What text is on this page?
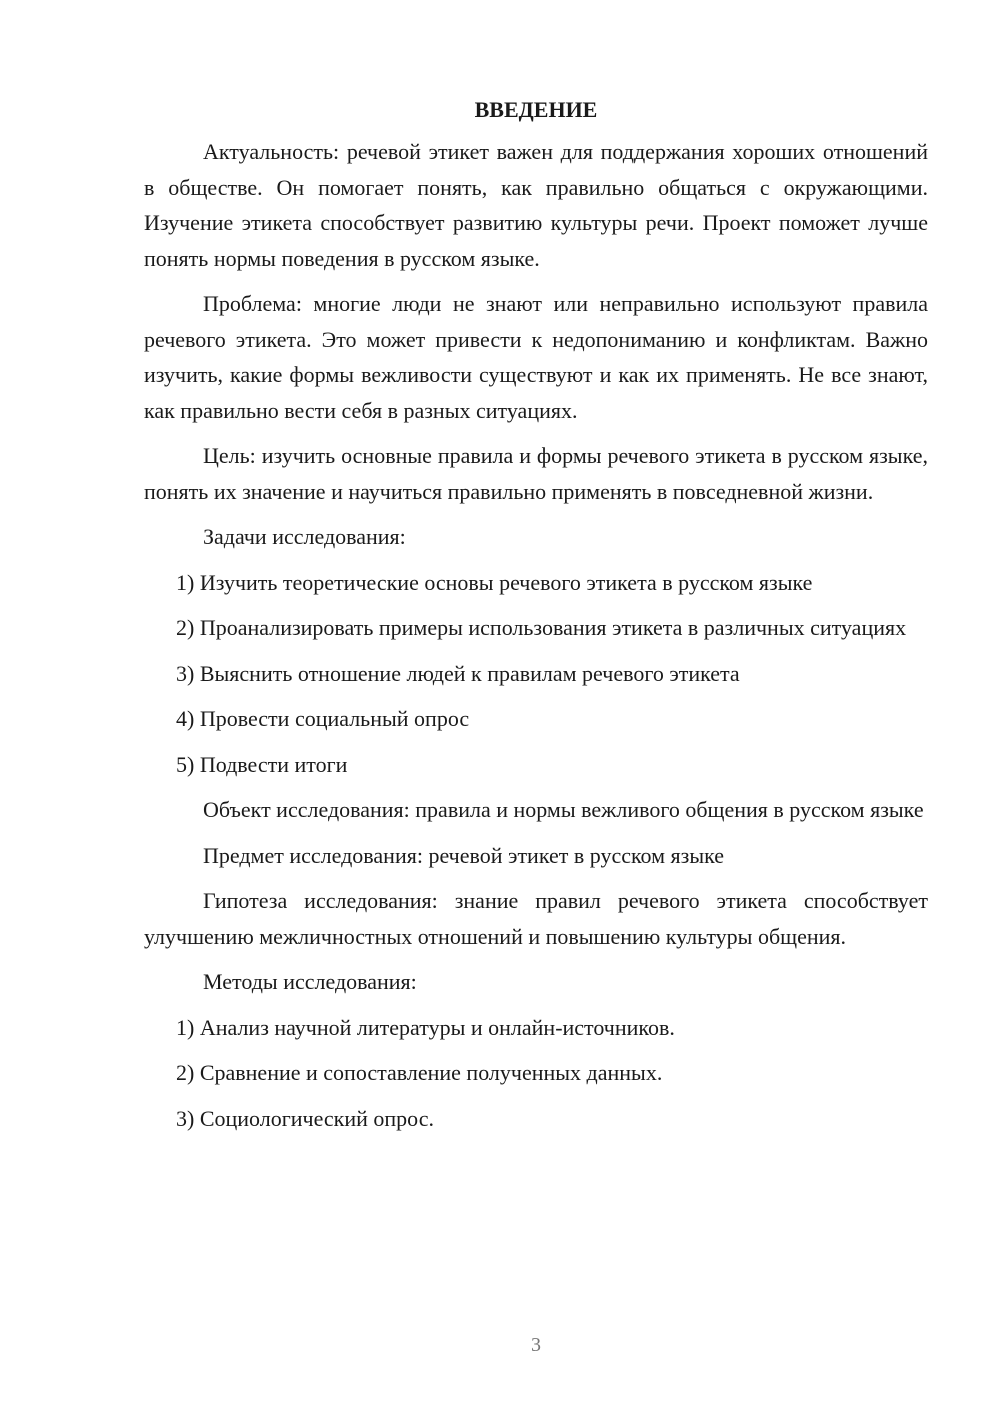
ВВЕДЕНИЕ

Актуальность: речевой этикет важен для поддержания хороших отношений в обществе. Он помогает понять, как правильно общаться с окружающими. Изучение этикета способствует развитию культуры речи. Проект поможет лучше понять нормы поведения в русском языке.

Проблема: многие люди не знают или неправильно используют правила речевого этикета. Это может привести к недопониманию и конфликтам. Важно изучить, какие формы вежливости существуют и как их применять. Не все знают, как правильно вести себя в разных ситуациях.

Цель: изучить основные правила и формы речевого этикета в русском языке, понять их значение и научиться правильно применять в повседневной жизни.

Задачи исследования:

1) Изучить теоретические основы речевого этикета в русском языке

2) Проанализировать примеры использования этикета в различных ситуациях

3) Выяснить отношение людей к правилам речевого этикета

4) Провести социальный опрос

5) Подвести итоги

Объект исследования: правила и нормы вежливого общения в русском языке

Предмет исследования: речевой этикет в русском языке

Гипотеза исследования: знание правил речевого этикета способствует улучшению межличностных отношений и повышению культуры общения.

Методы исследования:

1) Анализ научной литературы и онлайн-источников.

2) Сравнение и сопоставление полученных данных.

3) Социологический опрос.

3
